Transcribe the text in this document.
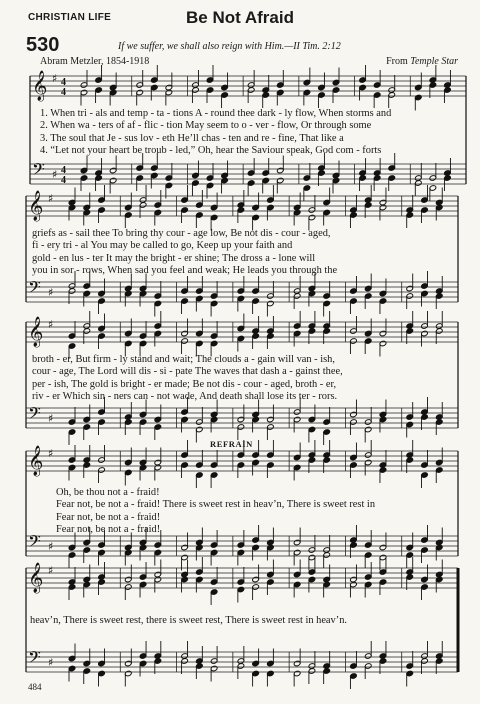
CHRISTIAN LIFE	Be Not Afraid
530	If we suffer, we shall also reign with Him.—II Tim. 2:12
Abram Metzler, 1854-1918	From Temple Star
𝄞 ♯ 4
4
𝄢 ♯ 4
4
𝄞 ♯
𝄢 ♯
𝄞 ♯
𝄢 ♯
𝄞 ♯
𝄢 ♯
𝄞 ♯
𝄢 ♯
1. When tri - als and temp - ta - tions A - round thee dark - ly flow, When storms and
2. When wa - ters of af - flic - tion May seem to o - ver - flow, Or through some
3. The soul that Je - sus lov - eth He’ll chas - ten and re - fine, That like a
4. “Let not your heart be troub - led,” Oh, hear the Saviour speak, God com - forts
griefs as - sail thee To bring thy cour - age low, Be not dis - cour - aged,
fi - ery tri - al You may be called to go, Keep up your faith and
gold - en lus - ter It may the bright - er shine; The dross a - lone will
you in sor - rows, When sad you feel and weak; He leads you through the
broth - er, But firm - ly stand and wait; The clouds a - gain will van - ish,
cour - age, The Lord will dis - si - pate The waves that dash a - gainst thee,
per - ish, The gold is bright - er made; Be not dis - cour - aged, broth - er,
riv - er Which sin - ners can - not wade, And death shall lose its ter - rors.
REFRAIN
Oh, be thou not a - fraid!
Fear not, be not a - fraid! There is sweet rest in heav’n, There is sweet rest in
Fear not, be not a - fraid!
Fear not, be not a - fraid!
heav’n, There is sweet rest, there is sweet rest, There is sweet rest in heav’n.
484
